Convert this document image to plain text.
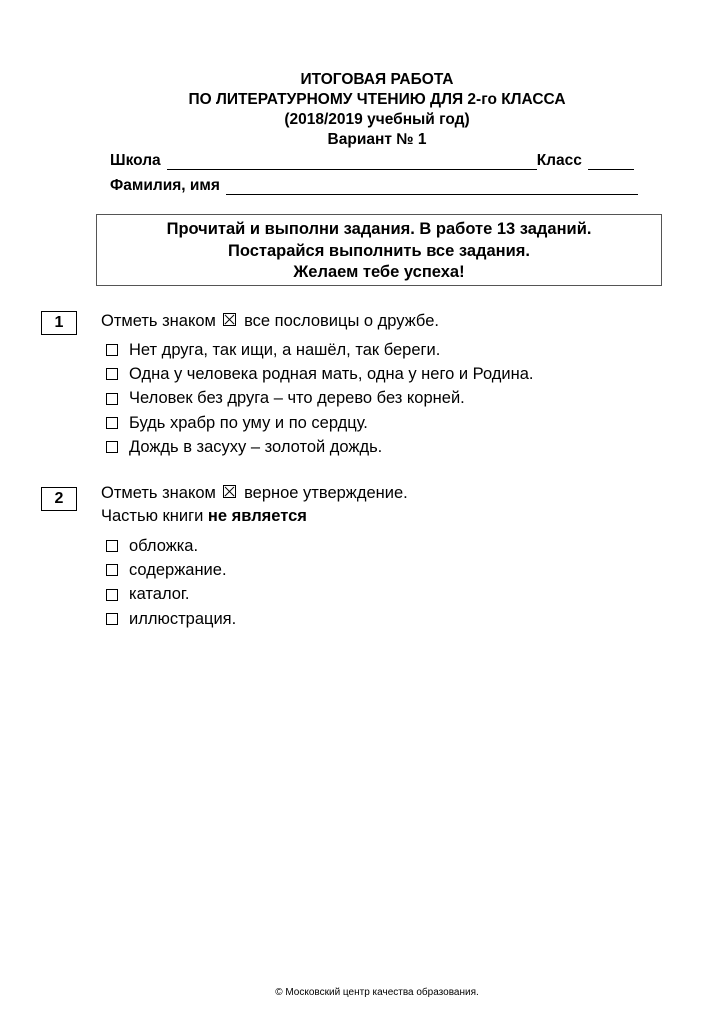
ИТОГОВАЯ РАБОТА
ПО ЛИТЕРАТУРНОМУ ЧТЕНИЮ ДЛЯ 2-го КЛАССА
(2018/2019 учебный год)
Вариант № 1
Школа	Класс
Фамилия, имя
Прочитай и выполни задания. В работе 13 заданий.
Постарайся выполнить все задания.
Желаем тебе успеха!
1	Отметь знаком все пословицы о дружбе.
Нет друга, так ищи, а нашёл, так береги.
Одна у человека родная мать, одна у него и Родина.
Человек без друга – что дерево без корней.
Будь храбр по уму и по сердцу.
Дождь в засуху – золотой дождь.
2	Отметь знаком верное утверждение.
Частью книги не является
обложка.
содержание.
каталог.
иллюстрация.
© Московский центр качества образования.
